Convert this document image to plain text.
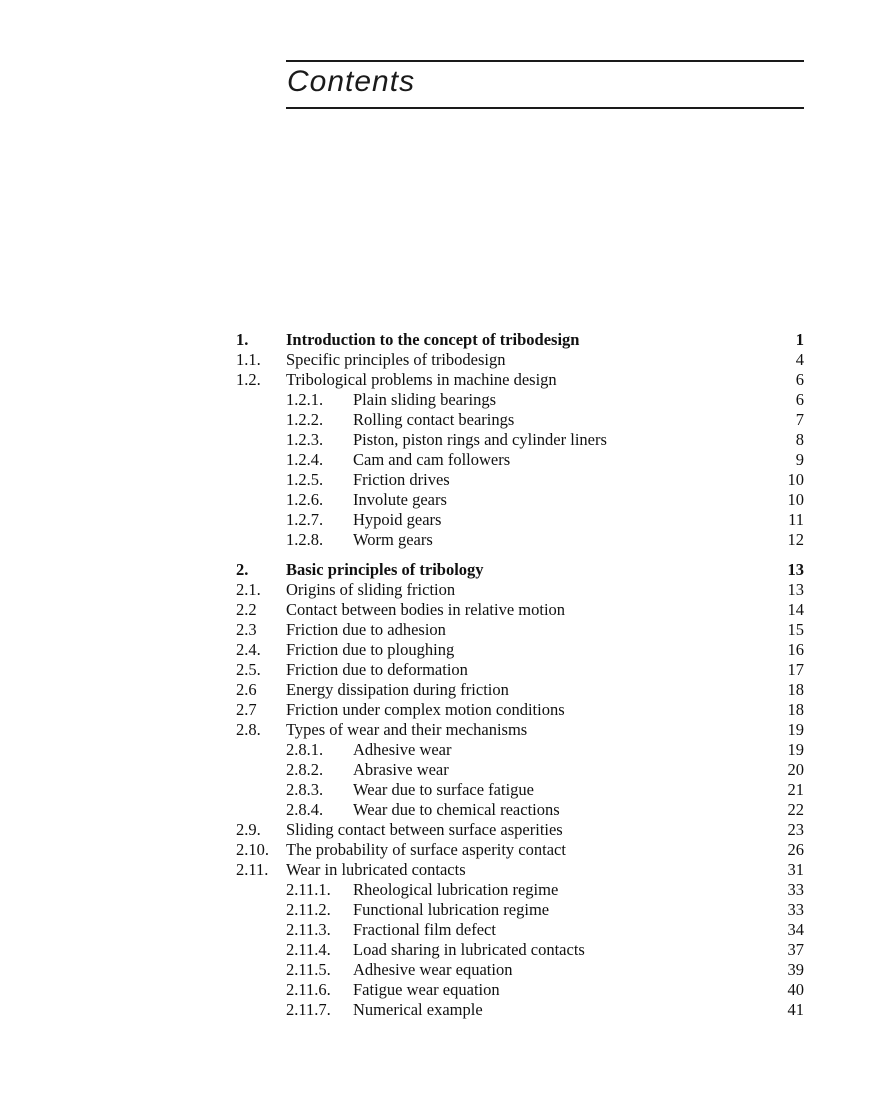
Contents
1. Introduction to the concept of tribodesign	1
1.1. Specific principles of tribodesign	4
1.2. Tribological problems in machine design	6
1.2.1. Plain sliding bearings	6
1.2.2. Rolling contact bearings	7
1.2.3. Piston, piston rings and cylinder liners	8
1.2.4. Cam and cam followers	9
1.2.5. Friction drives	10
1.2.6. Involute gears	10
1.2.7. Hypoid gears	11
1.2.8. Worm gears	12
2. Basic principles of tribology	13
2.1. Origins of sliding friction	13
2.2 Contact between bodies in relative motion	14
2.3 Friction due to adhesion	15
2.4. Friction due to ploughing	16
2.5. Friction due to deformation	17
2.6 Energy dissipation during friction	18
2.7 Friction under complex motion conditions	18
2.8. Types of wear and their mechanisms	19
2.8.1. Adhesive wear	19
2.8.2. Abrasive wear	20
2.8.3. Wear due to surface fatigue	21
2.8.4. Wear due to chemical reactions	22
2.9. Sliding contact between surface asperities	23
2.10. The probability of surface asperity contact	26
2.11. Wear in lubricated contacts	31
2.11.1. Rheological lubrication regime	33
2.11.2. Functional lubrication regime	33
2.11.3. Fractional film defect	34
2.11.4. Load sharing in lubricated contacts	37
2.11.5. Adhesive wear equation	39
2.11.6. Fatigue wear equation	40
2.11.7. Numerical example	41
